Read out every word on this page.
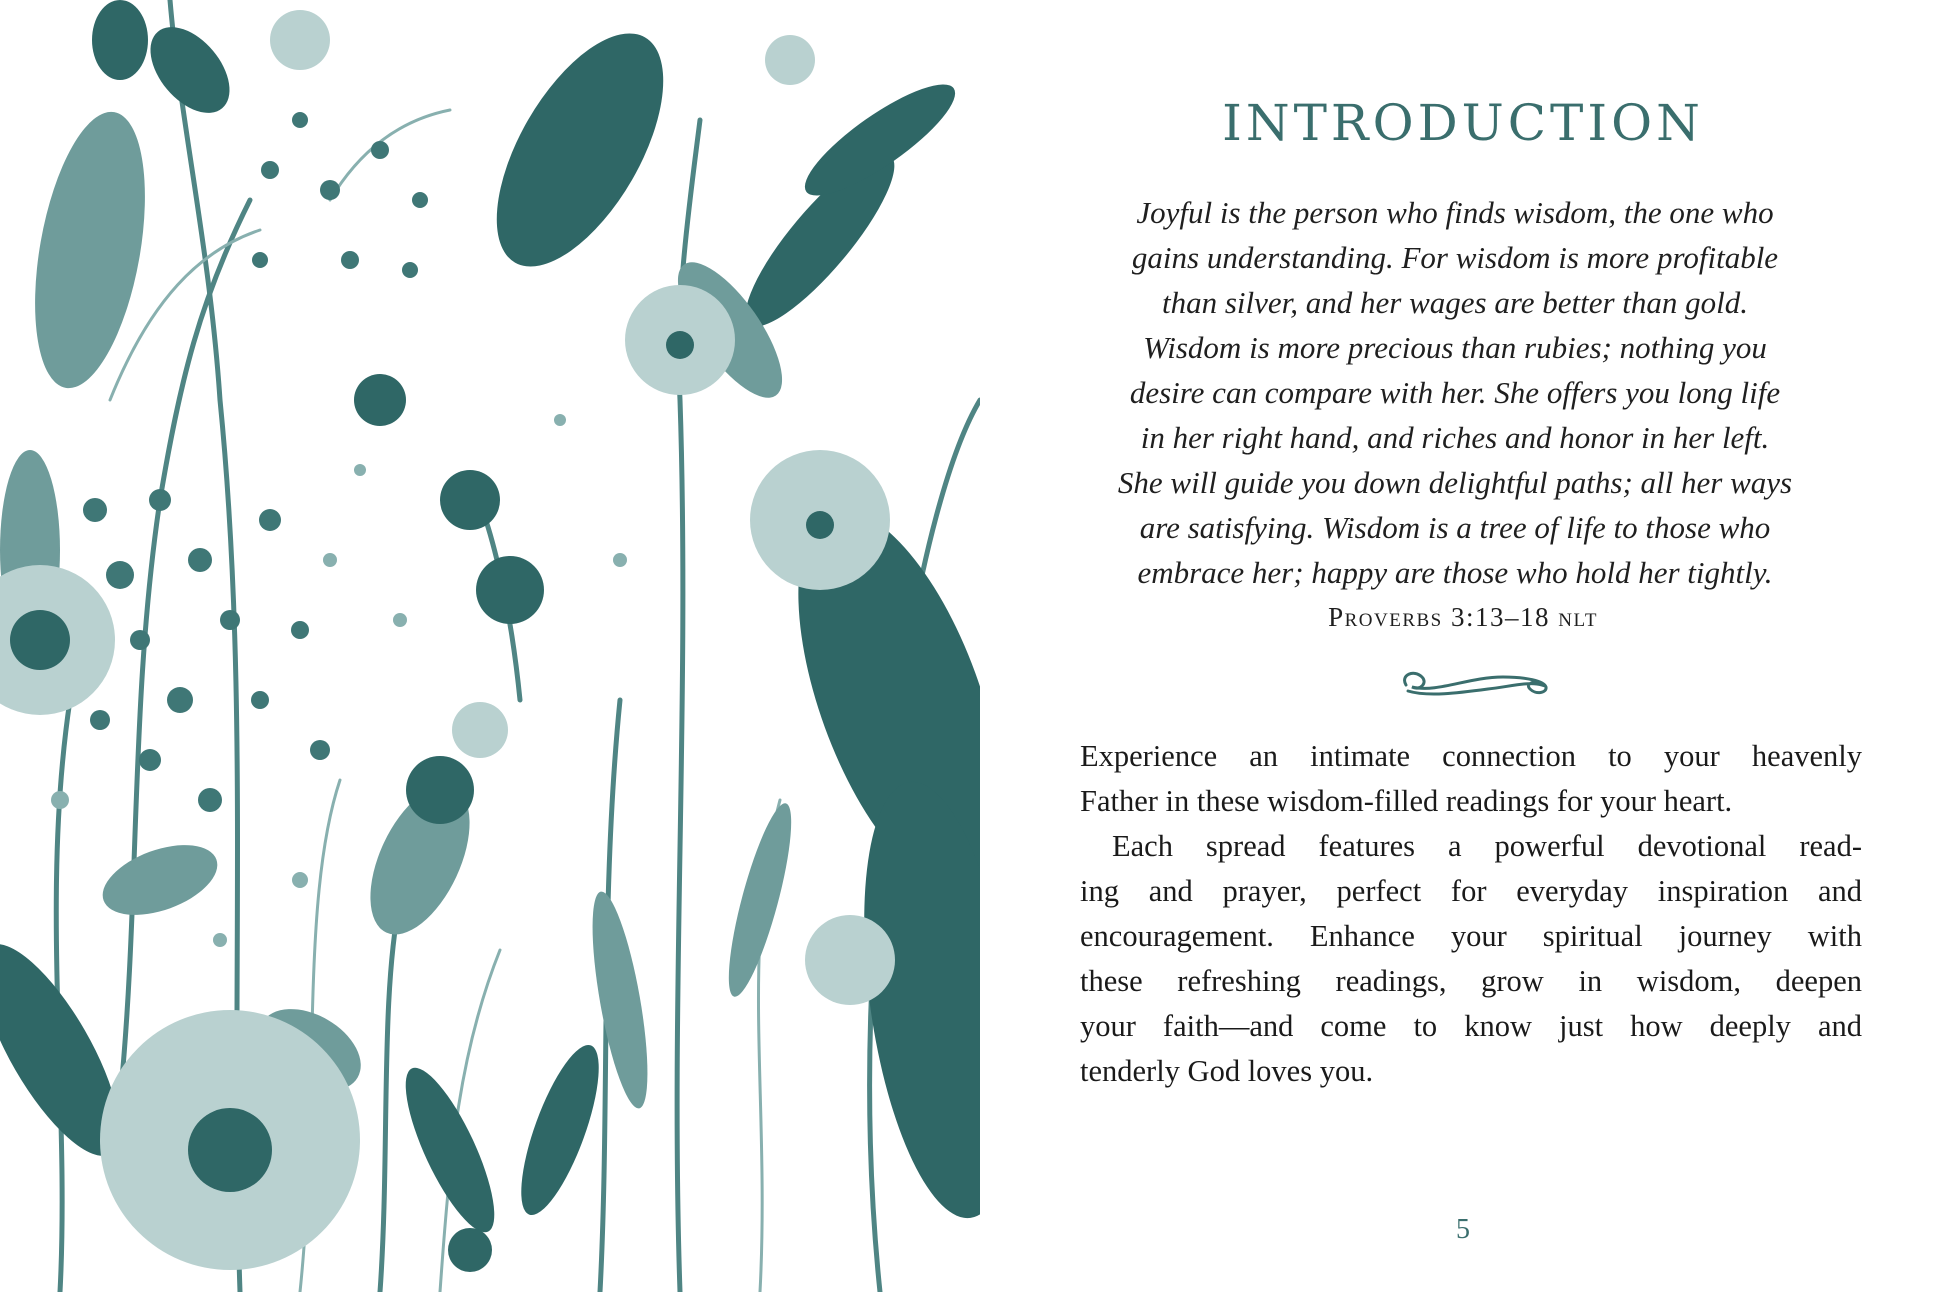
INTRODUCTION
Joyful is the person who finds wisdom, the one who
gains understanding. For wisdom is more profitable
than silver, and her wages are better than gold.
Wisdom is more precious than rubies; nothing you
desire can compare with her. She offers you long life
in her right hand, and riches and honor in her left.
She will guide you down delightful paths; all her ways
are satisfying. Wisdom is a tree of life to those who
embrace her; happy are those who hold her tightly.
Proverbs 3:13–18 nlt
Experience an intimate connection to your heavenly
Father in these wisdom-filled readings for your heart.
Each spread features a powerful devotional read-
ing and prayer, perfect for everyday inspiration and
encouragement. Enhance your spiritual journey with
these refreshing readings, grow in wisdom, deepen
your faith—and come to know just how deeply and
tenderly God loves you.
5
